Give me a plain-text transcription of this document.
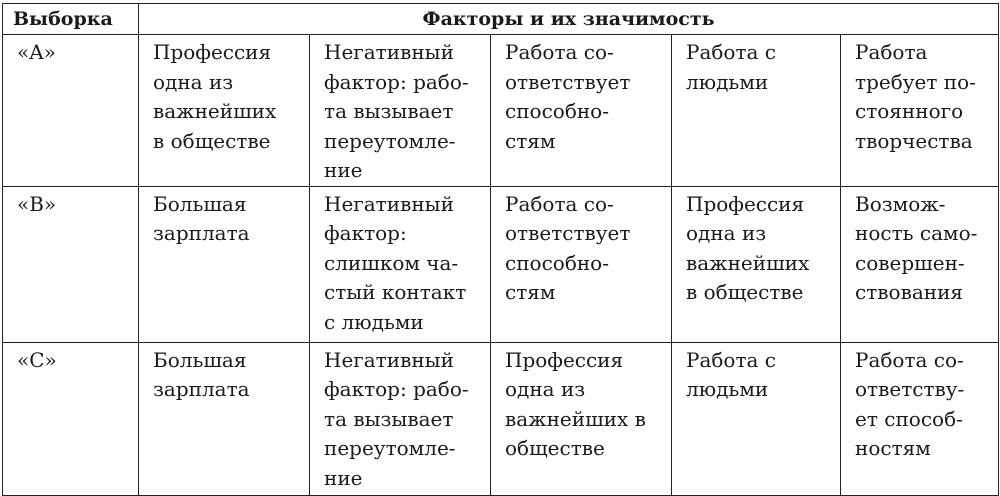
Выборка	Факторы и их значимость				
«A»	Профессия
одна из
важнейших
в обществе	Негативный
фактор: рабо-
та вызывает
переутомле-
ние	Работа со-
ответствует
способно-
стям	Работа с
людьми	Работа
требует по-
стоянного
творчества
«B»	Большая
зарплата	Негативный
фактор:
слишком ча-
стый контакт
с людьми	Работа со-
ответствует
способно-
стям	Профессия
одна из
важнейших
в обществе	Возмож-
ность само-
совершен-
ствования
«C»	Большая
зарплата	Негативный
фактор: рабо-
та вызывает
переутомле-
ние	Профессия
одна из
важнейших в
обществе	Работа с
людьми	Работа со-
ответству-
ет способ-
ностям
